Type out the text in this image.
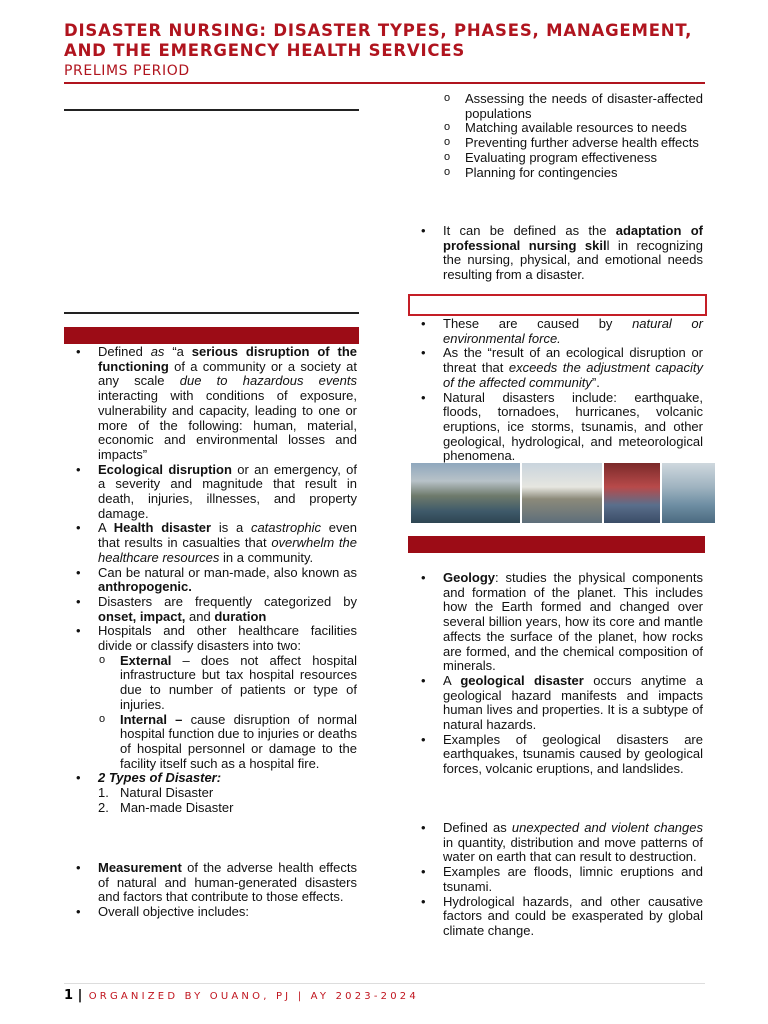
DISASTER NURSING: DISASTER TYPES, PHASES, MANAGEMENT, AND THE EMERGENCY HEALTH SERVICES
PRELIMS PERIOD
• Defined as “a serious disruption of the functioning of a community or a society at any scale due to hazardous events interacting with conditions of exposure, vulnerability and capacity, leading to one or more of the following: human, material, economic and environmental losses and impacts”
• Ecological disruption or an emergency, of a severity and magnitude that result in death, injuries, illnesses, and property damage.
• A Health disaster is a catastrophic even that results in casualties that overwhelm the healthcare resources in a community.
• Can be natural or man-made, also known as anthropogenic.
• Disasters are frequently categorized by onset, impact, and duration
• Hospitals and other healthcare facilities divide or classify disasters into two:
o External – does not affect hospital infrastructure but tax hospital resources due to number of patients or type of injuries.
o Internal – cause disruption of normal hospital function due to injuries or deaths of hospital personnel or damage to the facility itself such as a hospital fire.
• 2 Types of Disaster:
1. Natural Disaster
2. Man-made Disaster
• Measurement of the adverse health effects of natural and human-generated disasters and factors that contribute to those effects.
• Overall objective includes:
o Assessing the needs of disaster-affected populations
o Matching available resources to needs
o Preventing further adverse health effects
o Evaluating program effectiveness
o Planning for contingencies
• It can be defined as the adaptation of professional nursing skill in recognizing the nursing, physical, and emotional needs resulting from a disaster.
• These are caused by natural or environmental force.
• As the “result of an ecological disruption or threat that exceeds the adjustment capacity of the affected community”.
• Natural disasters include: earthquake, floods, tornadoes, hurricanes, volcanic eruptions, ice storms, tsunamis, and other geological, hydrological, and meteorological phenomena.
• Geology: studies the physical components and formation of the planet. This includes how the Earth formed and changed over several billion years, how its core and mantle affects the surface of the planet, how rocks are formed, and the chemical composition of minerals.
• A geological disaster occurs anytime a geological hazard manifests and impacts human lives and properties. It is a subtype of natural hazards.
• Examples of geological disasters are earthquakes, tsunamis caused by geological forces, volcanic eruptions, and landslides.
• Defined as unexpected and violent changes in quantity, distribution and move patterns of water on earth that can result to destruction.
• Examples are floods, limnic eruptions and tsunami.
• Hydrological hazards, and other causative factors and could be exasperated by global climate change.
1 | ORGANIZED BY OUANO, PJ | AY 2023-2024
